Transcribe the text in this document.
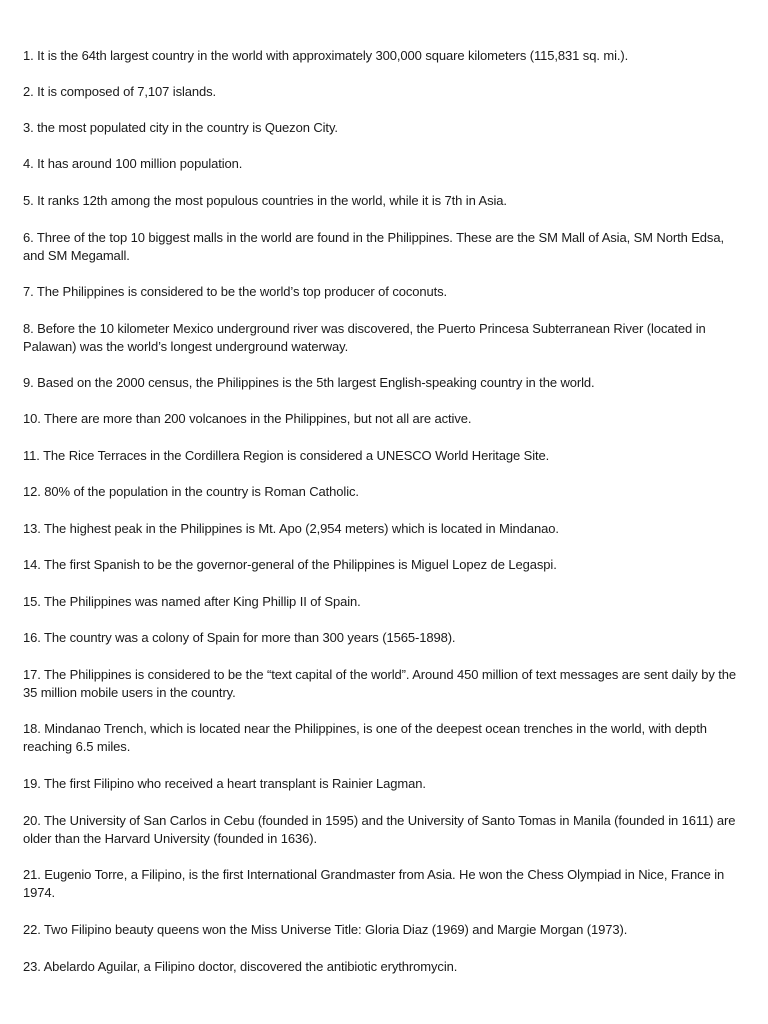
1. It is the 64th largest country in the world with approximately 300,000 square kilometers (115,831 sq. mi.).

2. It is composed of 7,107 islands.

3. the most populated city in the country is Quezon City.

4. It has around 100 million population.

5. It ranks 12th among the most populous countries in the world, while it is 7th in Asia.

6. Three of the top 10 biggest malls in the world are found in the Philippines. These are the SM Mall of Asia, SM North Edsa, and SM Megamall.

7. The Philippines is considered to be the world’s top producer of coconuts.

8. Before the 10 kilometer Mexico underground river was discovered, the Puerto Princesa Subterranean River (located in Palawan) was the world’s longest underground waterway.

9. Based on the 2000 census, the Philippines is the 5th largest English-speaking country in the world.

10. There are more than 200 volcanoes in the Philippines, but not all are active.

11. The Rice Terraces in the Cordillera Region is considered a UNESCO World Heritage Site.

12. 80% of the population in the country is Roman Catholic.

13. The highest peak in the Philippines is Mt. Apo (2,954 meters) which is located in Mindanao.

14. The first Spanish to be the governor-general of the Philippines is Miguel Lopez de Legaspi.

15. The Philippines was named after King Phillip II of Spain.

16. The country was a colony of Spain for more than 300 years (1565-1898).

17. The Philippines is considered to be the “text capital of the world”. Around 450 million of text messages are sent daily by the 35 million mobile users in the country.

18. Mindanao Trench, which is located near the Philippines, is one of the deepest ocean trenches in the world, with depth reaching 6.5 miles.

19. The first Filipino who received a heart transplant is Rainier Lagman.

20. The University of San Carlos in Cebu (founded in 1595) and the University of Santo Tomas in Manila (founded in 1611) are older than the Harvard University (founded in 1636).

21. Eugenio Torre, a Filipino, is the first International Grandmaster from Asia. He won the Chess Olympiad in Nice, France in 1974.

22. Two Filipino beauty queens won the Miss Universe Title: Gloria Diaz (1969) and Margie Morgan (1973).

23. Abelardo Aguilar, a Filipino doctor, discovered the antibiotic erythromycin.
